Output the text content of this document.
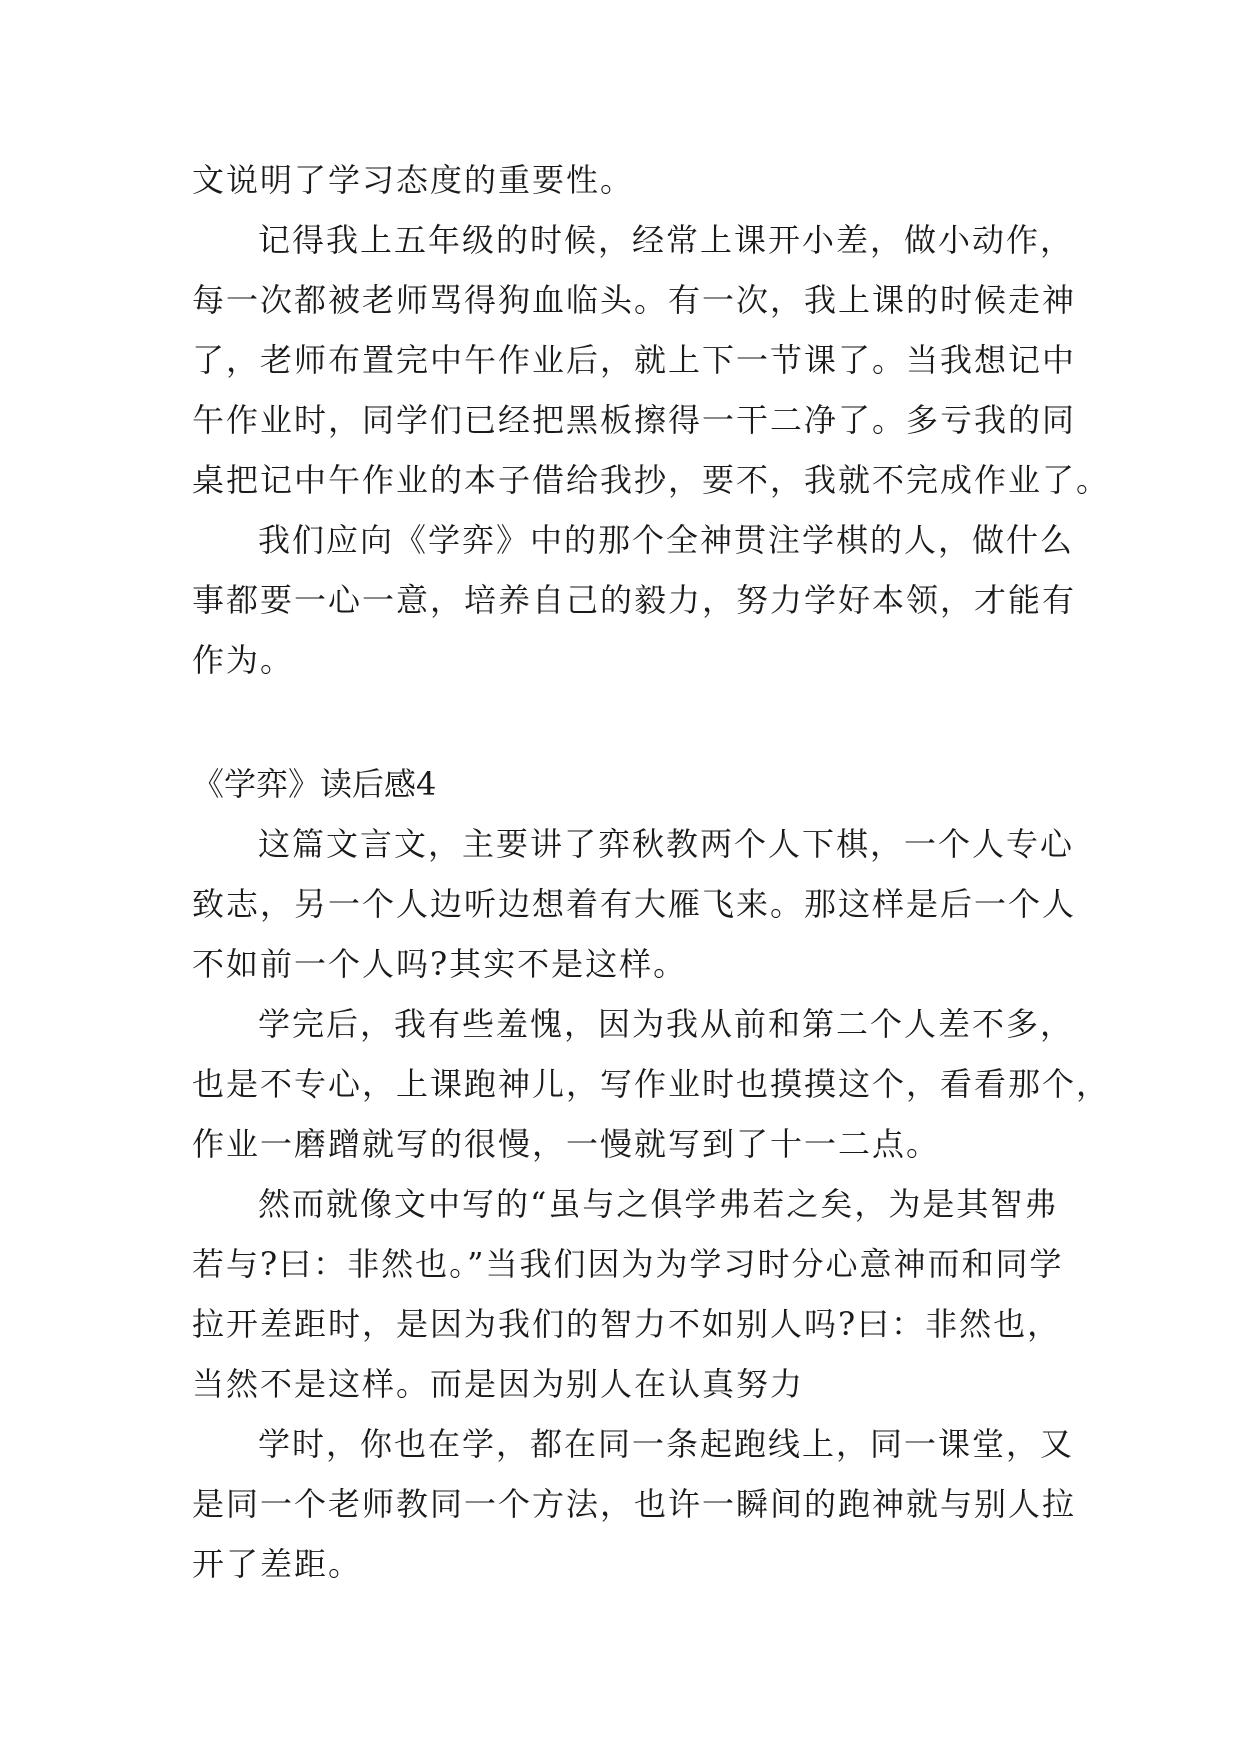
文说明了学习态度的重要性。
记得我上五年级的时候，经常上课开小差，做小动作，
每一次都被老师骂得狗血临头。有一次，我上课的时候走神
了，老师布置完中午作业后，就上下一节课了。当我想记中
午作业时，同学们已经把黑板擦得一干二净了。多亏我的同
桌把记中午作业的本子借给我抄，要不，我就不完成作业了。
我们应向《学弈》中的那个全神贯注学棋的人，做什么
事都要一心一意，培养自己的毅力，努力学好本领，才能有
作为。
《学弈》读后感4
这篇文言文，主要讲了弈秋教两个人下棋，一个人专心
致志，另一个人边听边想着有大雁飞来。那这样是后一个人
不如前一个人吗?其实不是这样。
学完后，我有些羞愧，因为我从前和第二个人差不多，
也是不专心，上课跑神儿，写作业时也摸摸这个，看看那个，
作业一磨蹭就写的很慢，一慢就写到了十一二点。
然而就像文中写的“虽与之俱学弗若之矣，为是其智弗
若与?曰：非然也。”当我们因为为学习时分心意神而和同学
拉开差距时，是因为我们的智力不如别人吗?曰：非然也，
当然不是这样。而是因为别人在认真努力
学时，你也在学，都在同一条起跑线上，同一课堂，又
是同一个老师教同一个方法，也许一瞬间的跑神就与别人拉
开了差距。
